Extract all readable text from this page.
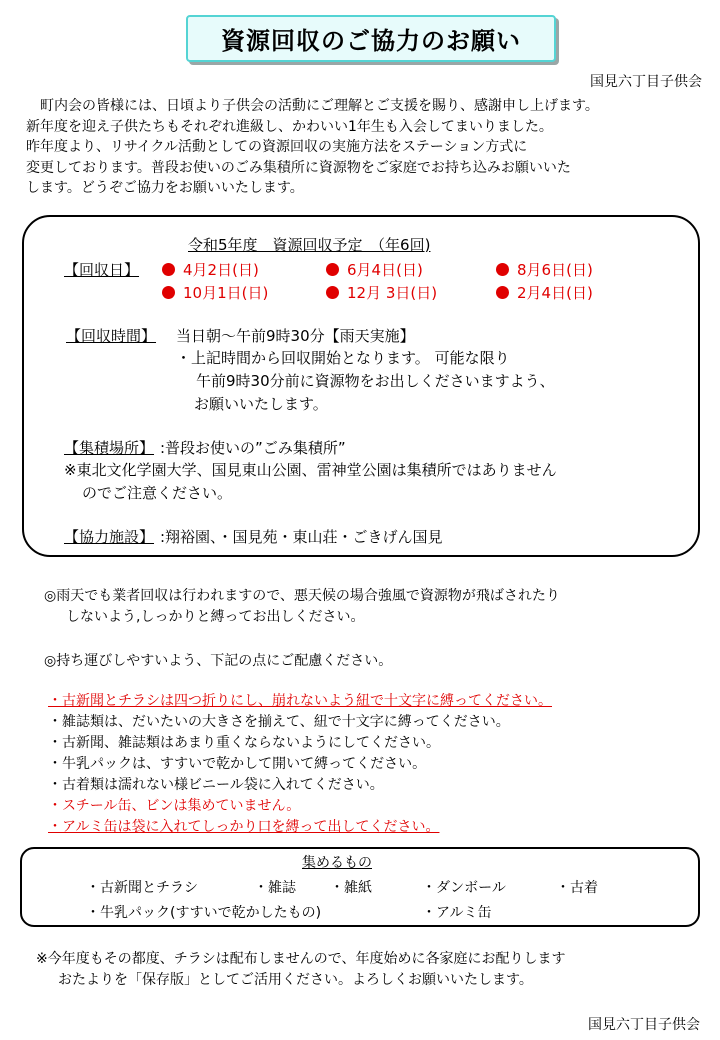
資源回収のご協力のお願い
国見六丁目子供会

町内会の皆様には、日頃より子供会の活動にご理解とご支援を賜り、感謝申し上げます。

新年度を迎え子供たちもそれぞれ進級し、かわいい1年生も入会してまいりました。

昨年度より、リサイクル活動としての資源回収の実施方法をステーション方式に

変更しております。普段お使いのごみ集積所に資源物をご家庭でお持ち込みお願いいた

します。どうぞご協力をお願いいたします。

令和5年度　資源回収予定　（年6回)
【回収日】	4月2日(日)	6月4日(日)	8月6日(日)
10月1日(日)	12月 3日(日)	2月4日(日)
【回収時間】 当日朝～午前9時30分【雨天実施】
・上記時間から回収開始となります。 可能な限り
午前9時30分前に資源物をお出しくださいますよう、
お願いいたします。
【集積場所】 :普段お使いの”ごみ集積所”
※東北文化学園大学、国見東山公園、雷神堂公園は集積所ではありません
のでご注意ください。
【協力施設】 :翔裕園、・国見苑・東山荘・ごきげん国見
◎雨天でも業者回収は行われますので、悪天候の場合強風で資源物が飛ばされたり
しないよう,しっかりと縛ってお出しください。
◎持ち運びしやすいよう、下記の点にご配慮ください。
・古新聞とチラシは四つ折りにし、崩れないよう紐で十文字に縛ってください。
・雑誌類は、だいたいの大きさを揃えて、紐で十文字に縛ってください。
・古新聞、雑誌類はあまり重くならないようにしてください。
・牛乳パックは、すすいで乾かして開いて縛ってください。
・古着類は濡れない様ビニール袋に入れてください。
・スチール缶、ビンは集めていません。
・アルミ缶は袋に入れてしっかり口を縛って出してください。
集めるもの
・古新聞とチラシ	・雑誌 ・雑紙	・ダンボール	・古着
・牛乳パック(すすいで乾かしたもの)	・アルミ缶
※今年度もその都度、チラシは配布しませんので、年度始めに各家庭にお配りします
おたよりを「保存版」としてご活用ください。よろしくお願いいたします。
国見六丁目子供会
